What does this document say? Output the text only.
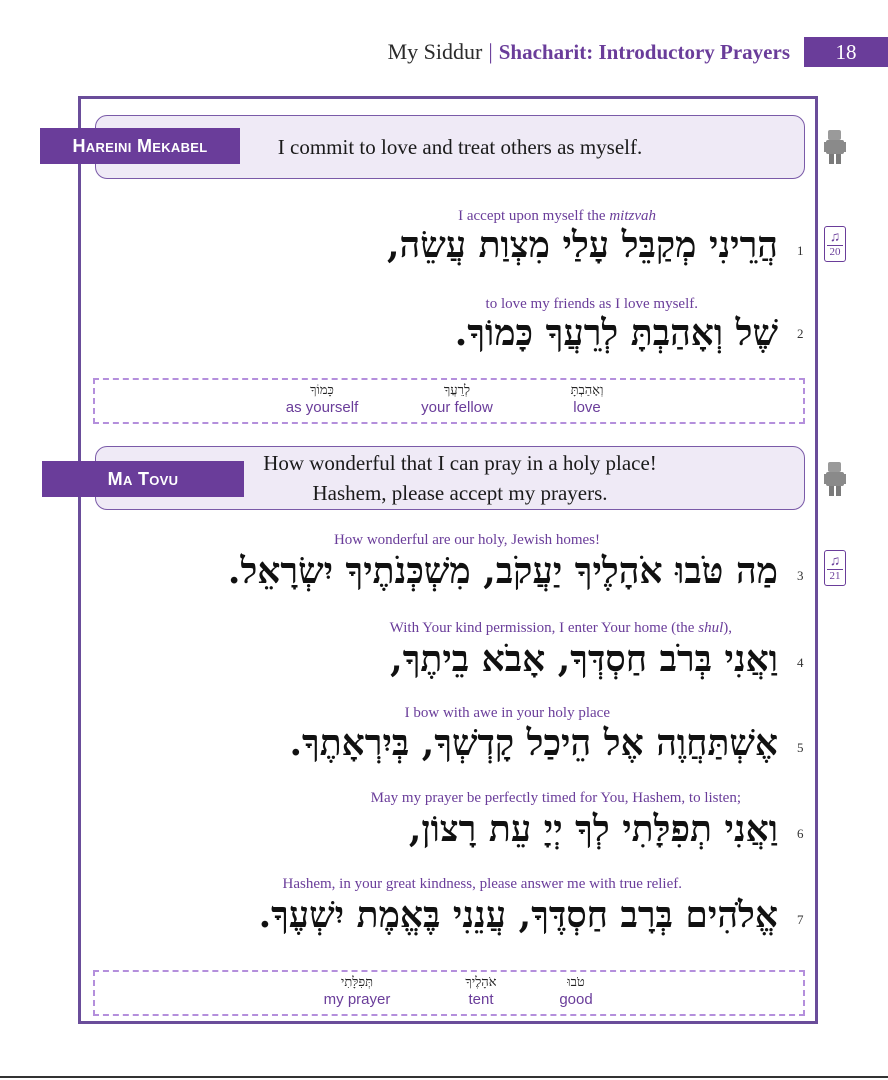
My Siddur | Shacharit: Introductory Prayers	18
I commit to love and treat others as myself.
Hareini Mekabel
I accept upon myself the mitzvah
הֲרֵינִי מְקַבֵּל עָלַי מִצְוַת עֲשֵׂה, 1
to love my friends as I love myself.
שֶׁל וְאָהַבְתָּ לְרֵעֲךָ כָּמוֹךָ. 2
וְאָהַבְתָּ
love
לְרֵעֲךָ
your fellow
כָּמוֹךָ
as yourself
How wonderful that I can pray in a holy place!
Hashem, please accept my prayers.
Ma Tovu
How wonderful are our holy, Jewish homes!
מַה טֹּבוּ אֹהָלֶיךָ יַעֲקֹב, מִשְׁכְּנֹתֶיךָ יִשְׂרָאֵל. 3
With Your kind permission, I enter Your home (the shul),
וַאֲנִי בְּרֹב חַסְדְּךָ, אָבֹא בֵיתֶךָ, 4
I bow with awe in your holy place
אֶשְׁתַּחֲוֶה אֶל הֵיכַל קָדְשְׁךָ, בְּיִרְאָתֶךָ. 5
May my prayer be perfectly timed for You, Hashem, to listen;
וַאֲנִי תְפִלָּתִי לְךָ יְיָ עֵת רָצוֹן, 6
Hashem, in your great kindness, please answer me with true relief.
אֱלֹהִים בְּרָב חַסְדֶּךָ, עֲנֵנִי בֶּאֱמֶת יִשְׁעֶךָ. 7
טֹבוּ
good
אֹהָלֶיךָ
tent
תְּפִלָּתִי
my prayer
♫
20
♫
21
